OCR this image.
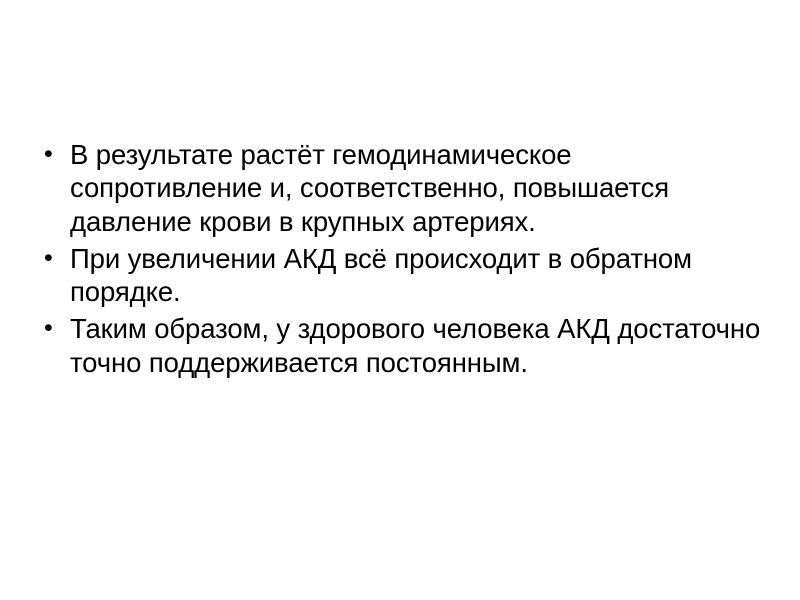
• В результате растёт гемодинамическое сопротивление и, соответственно, повышается давление крови в крупных артериях.
• При увеличении АКД всё происходит в обратном порядке.
• Таким образом, у здорового человека АКД достаточно точно поддерживается постоянным.
